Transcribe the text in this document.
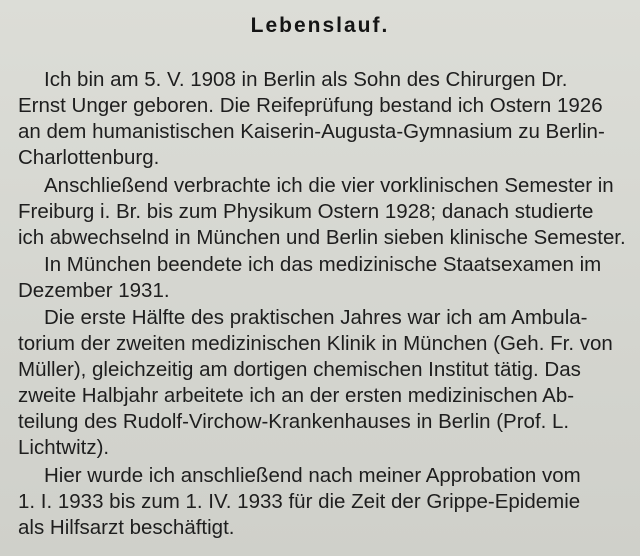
Lebenslauf.
Ich bin am 5. V. 1908 in Berlin als Sohn des Chirurgen Dr.
Ernst Unger geboren. Die Reifeprüfung bestand ich Ostern 1926
an dem humanistischen Kaiserin-Augusta-Gymnasium zu Berlin-
Charlottenburg.
Anschließend verbrachte ich die vier vorklinischen Semester in
Freiburg i. Br. bis zum Physikum Ostern 1928; danach studierte
ich abwechselnd in München und Berlin sieben klinische Semester.
In München beendete ich das medizinische Staatsexamen im
Dezember 1931.
Die erste Hälfte des praktischen Jahres war ich am Ambula-
torium der zweiten medizinischen Klinik in München (Geh. Fr. von
Müller), gleichzeitig am dortigen chemischen Institut tätig. Das
zweite Halbjahr arbeitete ich an der ersten medizinischen Ab-
teilung des Rudolf-Virchow-Krankenhauses in Berlin (Prof. L.
Lichtwitz).
Hier wurde ich anschließend nach meiner Approbation vom
1. I. 1933 bis zum 1. IV. 1933 für die Zeit der Grippe-Epidemie
als Hilfsarzt beschäftigt.
